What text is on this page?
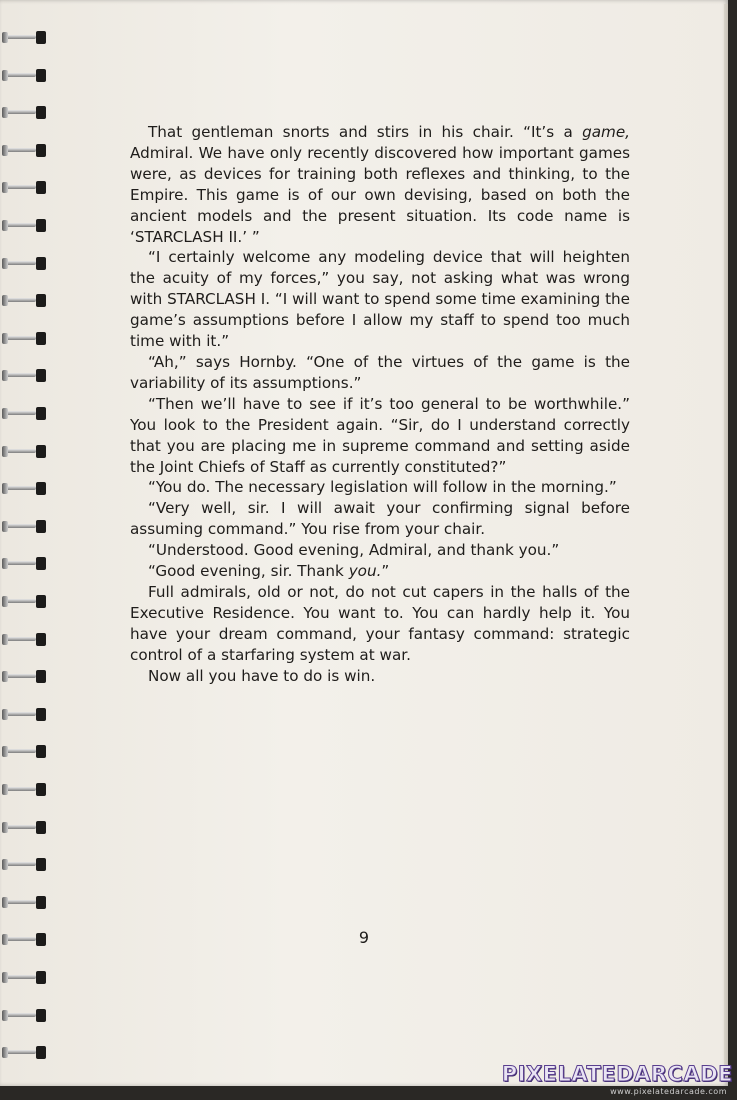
That gentleman snorts and stirs in his chair. “It’s a game, Admiral. We have only recently discovered how important games were, as devices for training both reflexes and thinking, to the Empire. This game is of our own devising, based on both the ancient models and the present situation. Its code name is ‘STARCLASH II.’ ”

“I certainly welcome any modeling device that will heighten the acuity of my forces,” you say, not asking what was wrong with STARCLASH I. “I will want to spend some time examining the game’s assumptions before I allow my staff to spend too much time with it.”

“Ah,” says Hornby. “One of the virtues of the game is the variability of its assumptions.”

“Then we’ll have to see if it’s too general to be worthwhile.” You look to the President again. “Sir, do I understand correctly that you are placing me in supreme command and setting aside the Joint Chiefs of Staff as currently constituted?”

“You do. The necessary legislation will follow in the morning.”

“Very well, sir. I will await your confirming signal before assuming command.” You rise from your chair.

“Understood. Good evening, Admiral, and thank you.”

“Good evening, sir. Thank you.”

Full admirals, old or not, do not cut capers in the halls of the Executive Residence. You want to. You can hardly help it. You have your dream command, your fantasy command: strategic control of a starfaring system at war.

Now all you have to do is win.

9
PIXELATEDARCADE
www.pixelatedarcade.com
